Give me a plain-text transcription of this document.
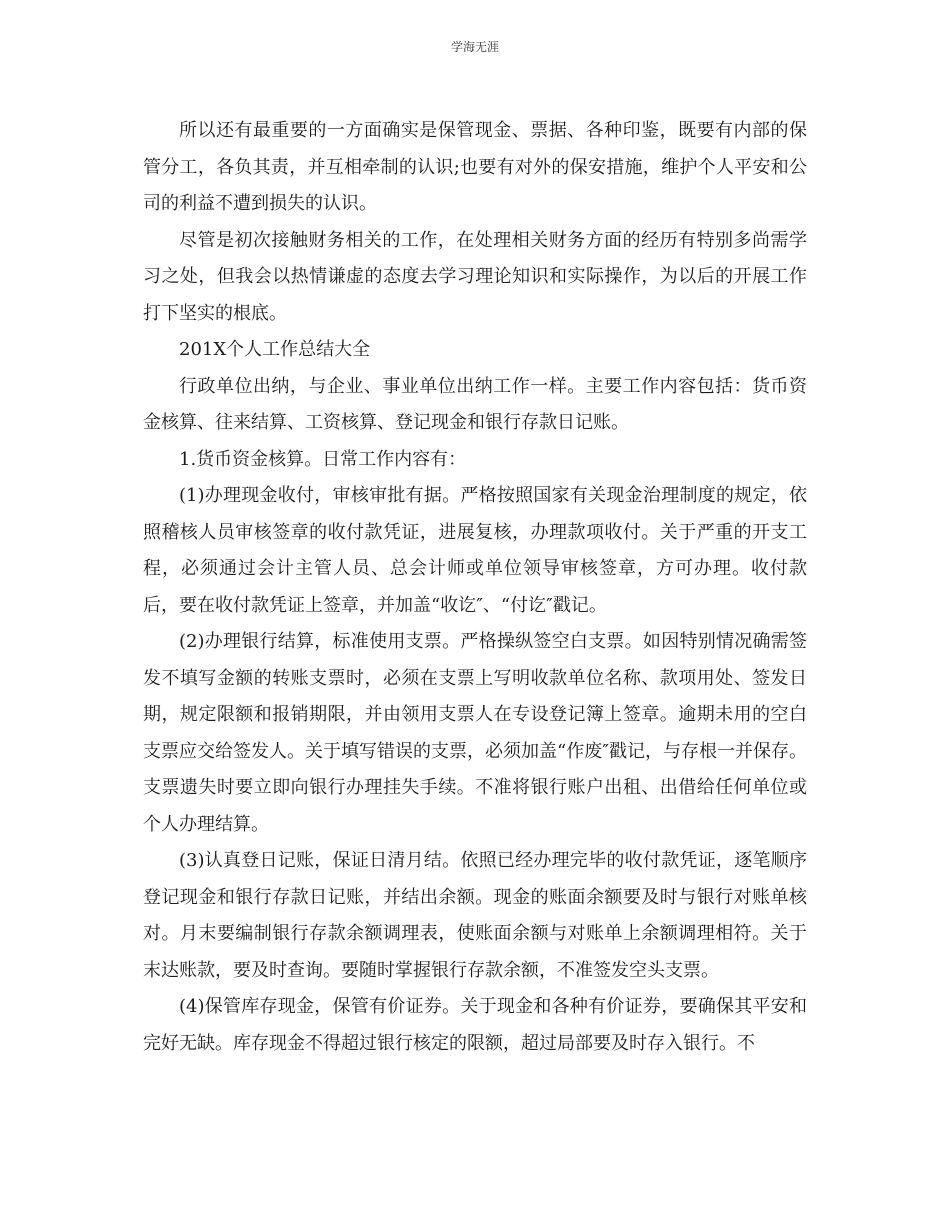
学海无涯

所以还有最重要的一方面确实是保管现金、票据、各种印鉴，既要有内部的保管分工，各负其责，并互相牵制的认识;也要有对外的保安措施，维护个人平安和公司的利益不遭到损失的认识。

尽管是初次接触财务相关的工作，在处理相关财务方面的经历有特别多尚需学习之处，但我会以热情谦虚的态度去学习理论知识和实际操作，为以后的开展工作打下坚实的根底。

201X个人工作总结大全

行政单位出纳，与企业、事业单位出纳工作一样。主要工作内容包括：货币资金核算、往来结算、工资核算、登记现金和银行存款日记账。

1.货币资金核算。日常工作内容有：

(1)办理现金收付，审核审批有据。严格按照国家有关现金治理制度的规定，依照稽核人员审核签章的收付款凭证，进展复核，办理款项收付。关于严重的开支工程，必须通过会计主管人员、总会计师或单位领导审核签章，方可办理。收付款后，要在收付款凭证上签章，并加盖“收讫″、“付讫″戳记。

(2)办理银行结算，标准使用支票。严格操纵签空白支票。如因特别情况确需签发不填写金额的转账支票时，必须在支票上写明收款单位名称、款项用处、签发日期，规定限额和报销期限，并由领用支票人在专设登记簿上签章。逾期未用的空白支票应交给签发人。关于填写错误的支票，必须加盖“作废″戳记，与存根一并保存。支票遗失时要立即向银行办理挂失手续。不准将银行账户出租、出借给任何单位或个人办理结算。

(3)认真登日记账，保证日清月结。依照已经办理完毕的收付款凭证，逐笔顺序登记现金和银行存款日记账，并结出余额。现金的账面余额要及时与银行对账单核对。月末要编制银行存款余额调理表，使账面余额与对账单上余额调理相符。关于末达账款，要及时查询。要随时掌握银行存款余额，不准签发空头支票。

(4)保管库存现金，保管有价证券。关于现金和各种有价证券，要确保其平安和完好无缺。库存现金不得超过银行核定的限额，超过局部要及时存入银行。不
